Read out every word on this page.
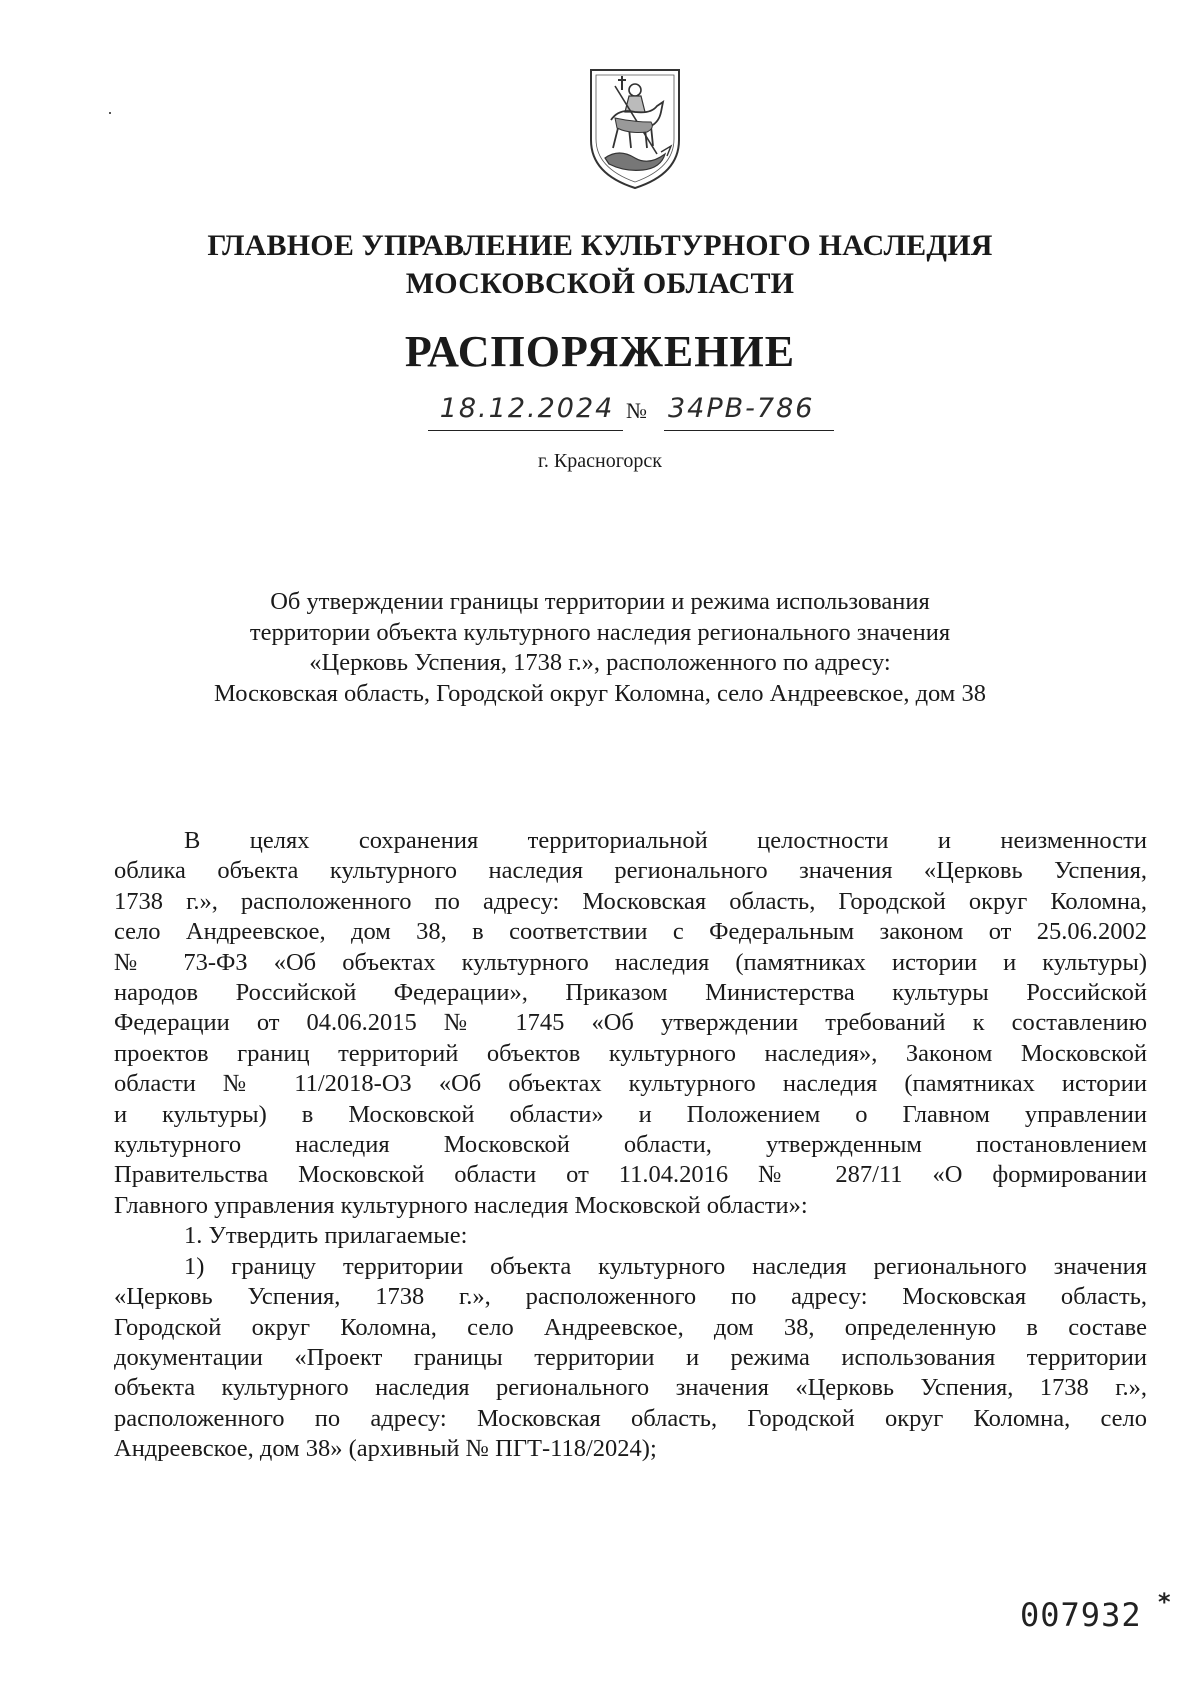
ГЛАВНОЕ УПРАВЛЕНИЕ КУЛЬТУРНОГО НАСЛЕДИЯ
МОСКОВСКОЙ ОБЛАСТИ
РАСПОРЯЖЕНИЕ
18.12.2024 № 34РВ-786
г. Красногорск
Об утверждении границы территории и режима использования
территории объекта культурного наследия регионального значения
«Церковь Успения, 1738 г.», расположенного по адресу:
Московская область, Городской округ Коломна, село Андреевское, дом 38

В целях сохранения территориальной целостности и неизменности
облика объекта культурного наследия регионального значения «Церковь Успения,
1738 г.», расположенного по адресу: Московская область, Городской округ Коломна,
село Андреевское, дом 38, в соответствии с Федеральным законом от 25.06.2002
№ 73-ФЗ «Об объектах культурного наследия (памятниках истории и культуры)
народов Российской Федерации», Приказом Министерства культуры Российской
Федерации от 04.06.2015 № 1745 «Об утверждении требований к составлению
проектов границ территорий объектов культурного наследия», Законом Московской
области № 11/2018-ОЗ «Об объектах культурного наследия (памятниках истории
и культуры) в Московской области» и Положением о Главном управлении
культурного наследия Московской области, утвержденным постановлением
Правительства Московской области от 11.04.2016 № 287/11 «О формировании
Главного управления культурного наследия Московской области»:

1. Утвердить прилагаемые:

1) границу территории объекта культурного наследия регионального значения
«Церковь Успения, 1738 г.», расположенного по адресу: Московская область,
Городской округ Коломна, село Андреевское, дом 38, определенную в составе
документации «Проект границы территории и режима использования территории
объекта культурного наследия регионального значения «Церковь Успения, 1738 г.»,
расположенного по адресу: Московская область, Городской округ Коломна, село
Андреевское, дом 38» (архивный № ПГТ-118/2024);

007932 *
